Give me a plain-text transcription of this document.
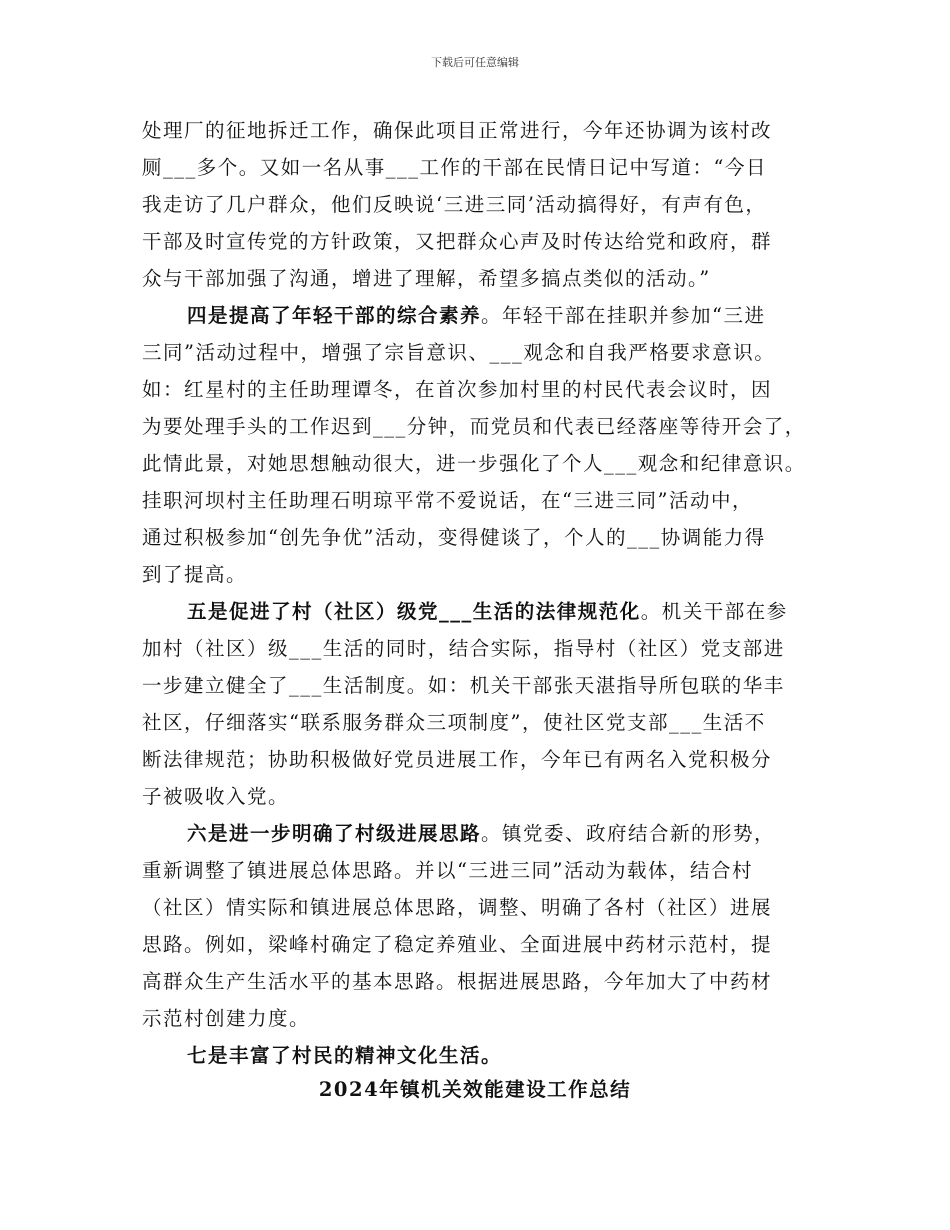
下载后可任意编辑
处理厂的征地拆迁工作，确保此项目正常进行，今年还协调为该村改
厕___多个。又如一名从事___工作的干部在民情日记中写道：“今日
我走访了几户群众，他们反映说‘三进三同’活动搞得好，有声有色，
干部及时宣传党的方针政策，又把群众心声及时传达给党和政府，群
众与干部加强了沟通，增进了理解，希望多搞点类似的活动。”
四是提高了年轻干部的综合素养。年轻干部在挂职并参加“三进
三同”活动过程中，增强了宗旨意识、___观念和自我严格要求意识。
如：红星村的主任助理谭冬，在首次参加村里的村民代表会议时，因
为要处理手头的工作迟到___分钟，而党员和代表已经落座等待开会了，
此情此景，对她思想触动很大，进一步强化了个人___观念和纪律意识。
挂职河坝村主任助理石明琼平常不爱说话，在“三进三同”活动中，
通过积极参加“创先争优”活动，变得健谈了，个人的___协调能力得
到了提高。
五是促进了村（社区）级党___生活的法律规范化。机关干部在参
加村（社区）级___生活的同时，结合实际，指导村（社区）党支部进
一步建立健全了___生活制度。如：机关干部张天湛指导所包联的华丰
社区，仔细落实“联系服务群众三项制度”，使社区党支部___生活不
断法律规范；协助积极做好党员进展工作，今年已有两名入党积极分
子被吸收入党。
六是进一步明确了村级进展思路。镇党委、政府结合新的形势，
重新调整了镇进展总体思路。并以“三进三同”活动为载体，结合村
（社区）情实际和镇进展总体思路，调整、明确了各村（社区）进展
思路。例如，梁峰村确定了稳定养殖业、全面进展中药材示范村，提
高群众生产生活水平的基本思路。根据进展思路，今年加大了中药材
示范村创建力度。
七是丰富了村民的精神文化生活。
2024年镇机关效能建设工作总结
